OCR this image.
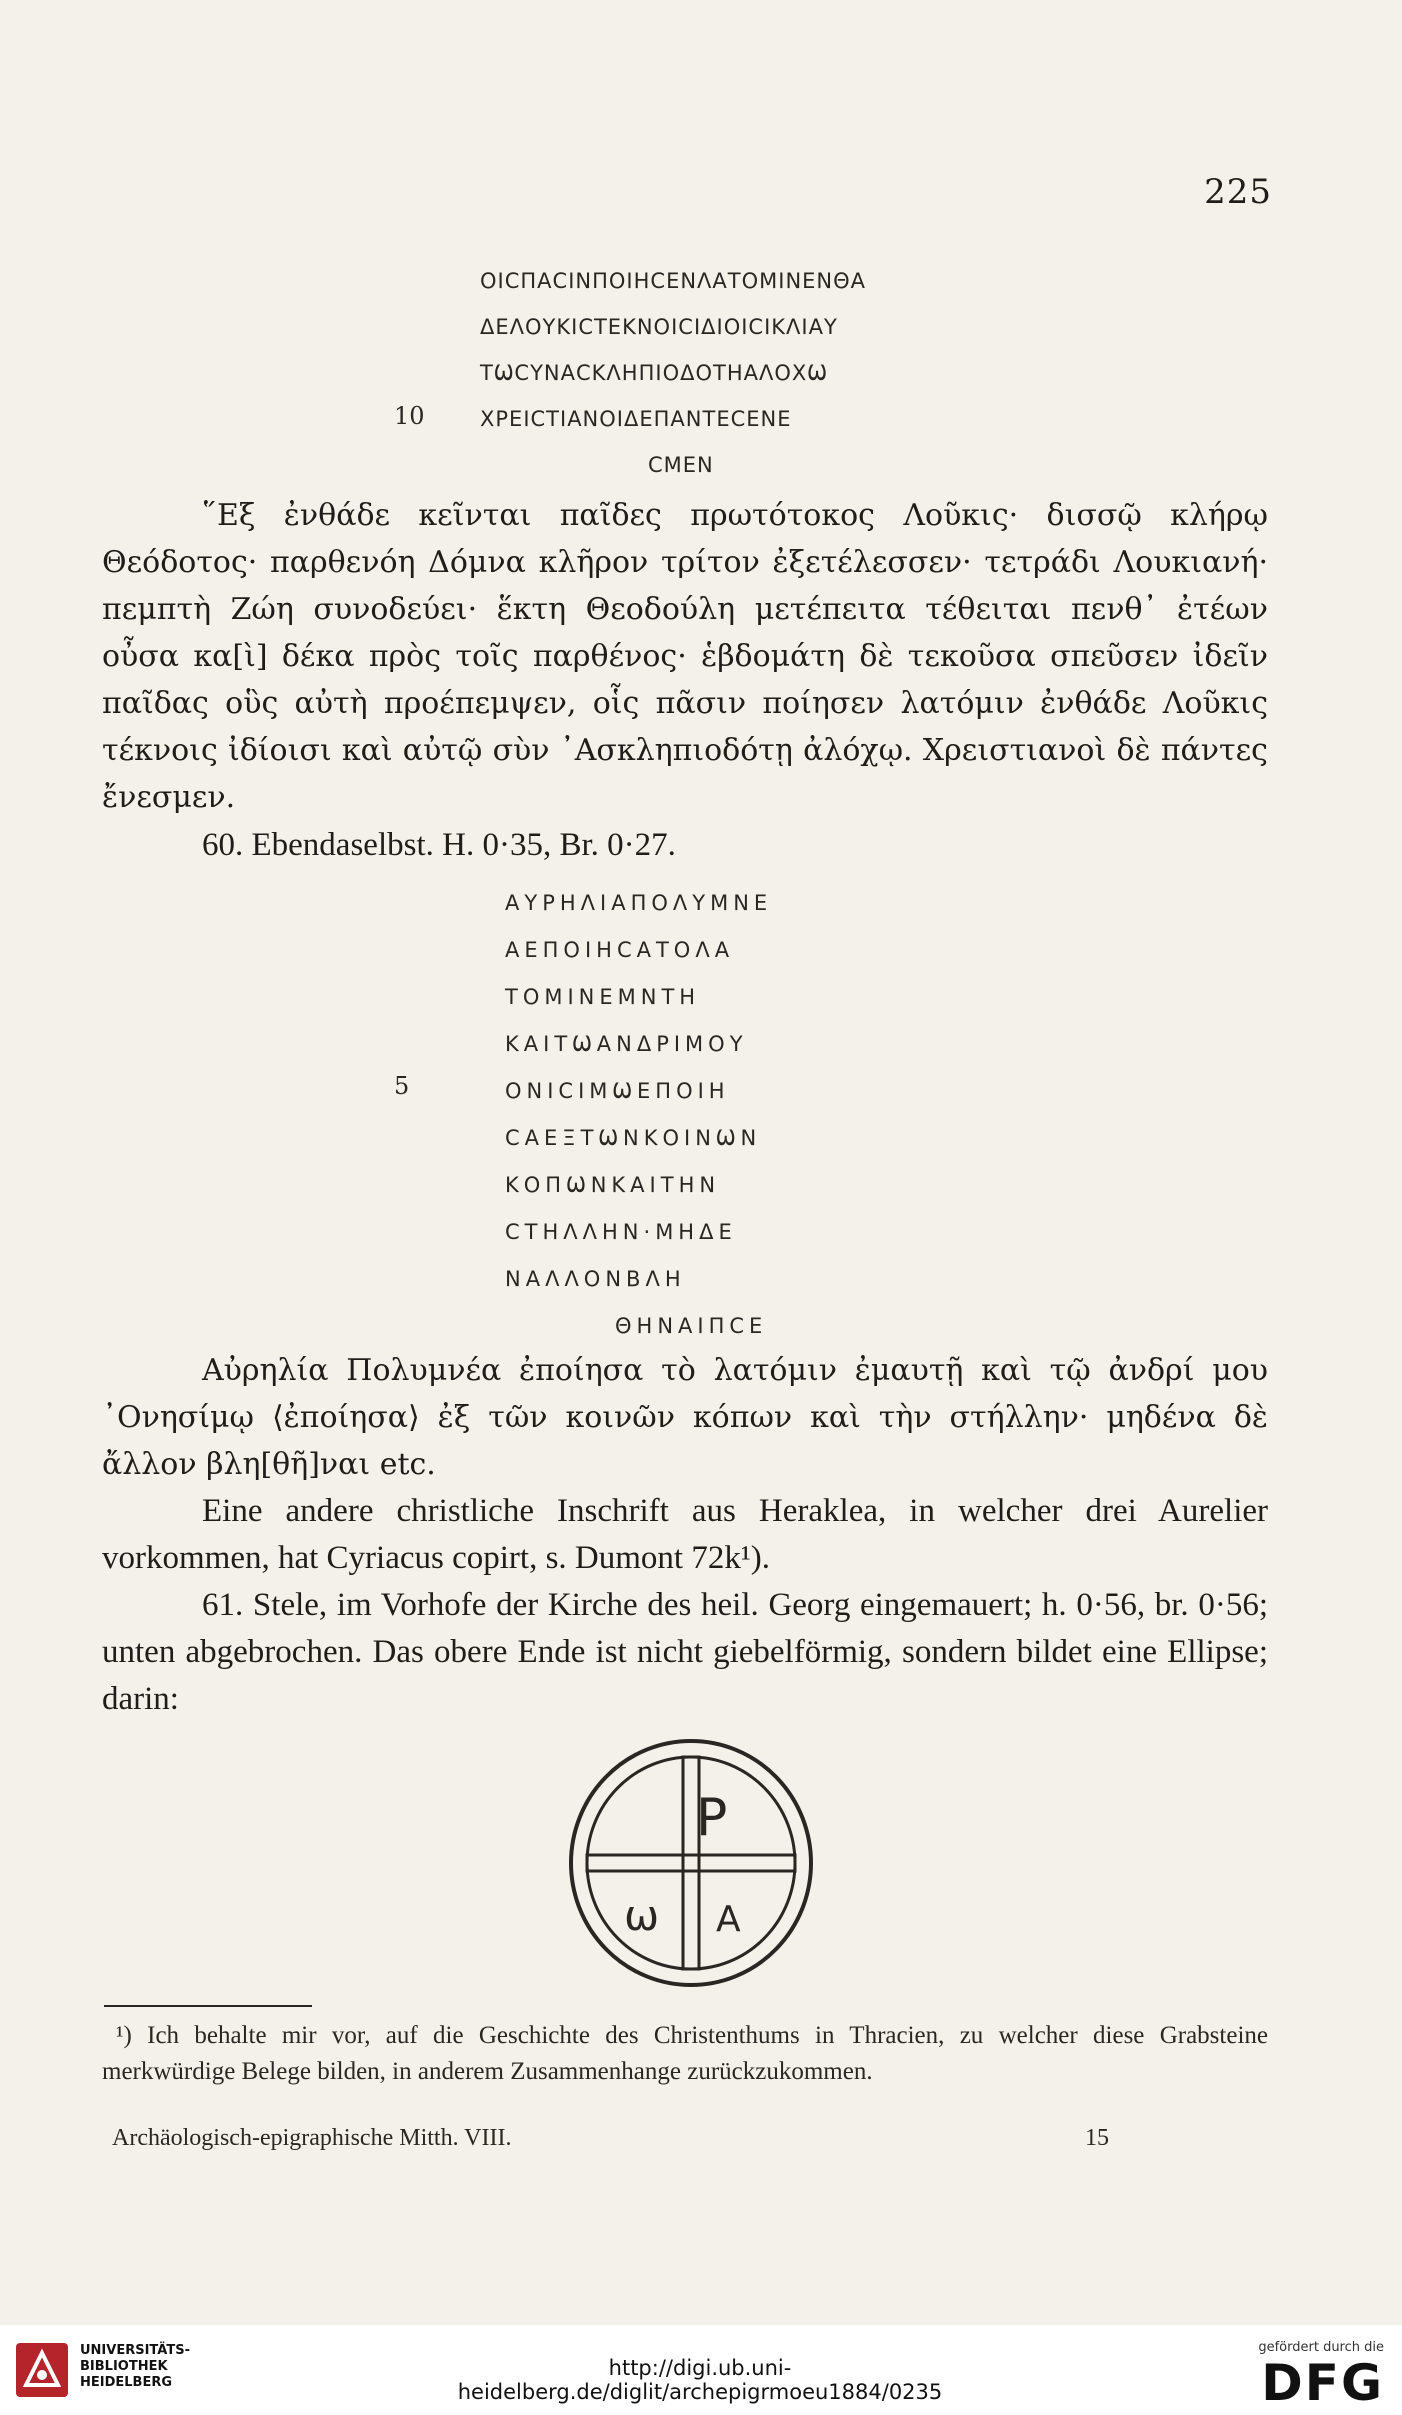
225
ΟΙCΠΑCΙΝΠΟΙΗCΕΝΛΑΤΟΜΙΝΕΝΘΑ
ΔΕΛΟΥΚΙCΤΕΚΝΟΙCΙΔΙΟΙCΙΚΛΙΑΥ
ΤѠCΥΝΑCΚΛΗΠΙΟΔΟΤΗΑΛΟΧѠ
ΧΡΕΙCΤΙΑΝΟΙΔΕΠΑΝΤΕCΕΝΕ
CΜΕΝ
10

῞Εξ ἐνθάδε κεῖνται παῖδες πρωτότοκος Λοῦκις· δισσῷ κλήρῳ Θεόδοτος· παρθενόη Δόμνα κλῆρον τρίτον ἐξετέλεσσεν· τετράδι Λουκιανή· πεμπτὴ Ζώη συνοδεύει· ἕκτη Θεοδούλη μετέπειτα τέθειται πενθ᾽ ἐτέων οὖσα κα[ὶ] δέκα πρὸς τοῖς παρθένος· ἑβδομάτη δὲ τεκοῦσα σπεῦσεν ἰδεῖν παῖδας οὓς αὐτὴ προέπεμψεν, οἷς πᾶσιν ποίησεν λατόμιν ἐνθάδε Λοῦκις τέκνοις ἰδίοισι καὶ αὐτῷ σὺν ᾿Ασκληπιοδότῃ ἀλόχῳ. Χρειστιανοὶ δὲ πάντες ἔνεσμεν.

60. Ebendaselbst. H. 0·35, Br. 0·27.

ΑΥΡΗΛΙΑΠΟΛΥΜΝΕ
ΑΕΠΟΙΗCΑΤΟΛΑ
ΤΟΜΙΝΕΜΝΤΗ
ΚΑΙΤѠΑΝΔΡΙΜΟΥ
ΟΝΙCΙΜѠΕΠΟΙΗ
CΑΕΞΤѠΝΚΟΙΝѠΝ
ΚΟΠѠΝΚΑΙΤΗΝ
CΤΗΛΛΗΝ·ΜΗΔΕ
ΝΑΛΛΟΝΒΛΗ
ΘΗΝΑΙΠCΕ
5

Αὐρηλία Πολυμνέα ἐποίησα τὸ λατόμιν ἐμαυτῇ καὶ τῷ ἀνδρί μου ᾿Ονησίμῳ ⟨ἐποίησα⟩ ἐξ τῶν κοινῶν κόπων καὶ τὴν στήλλην· μηδένα δὲ ἄλλον βλη[θῆ]ναι etc.

Eine andere christliche Inschrift aus Heraklea, in welcher drei Aurelier vorkommen, hat Cyriacus copirt, s. Dumont 72k¹).

61. Stele, im Vorhofe der Kirche des heil. Georg eingemauert; h. 0·56, br. 0·56; unten abgebrochen. Das obere Ende ist nicht giebelförmig, sondern bildet eine Ellipse; darin:

Ρ
ω Α

¹) Ich behalte mir vor, auf die Geschichte des Christenthums in Thracien, zu welcher diese Grabsteine merkwürdige Belege bilden, in anderem Zusammenhange zurückzukommen.

Archäologisch-epigraphische Mitth. VIII.	15
UNIVERSITÄTS-
BIBLIOTHEK
HEIDELBERG
http://digi.ub.uni-heidelberg.de/diglit/archepigrmoeu1884/0235
gefördert durch die
DFG
